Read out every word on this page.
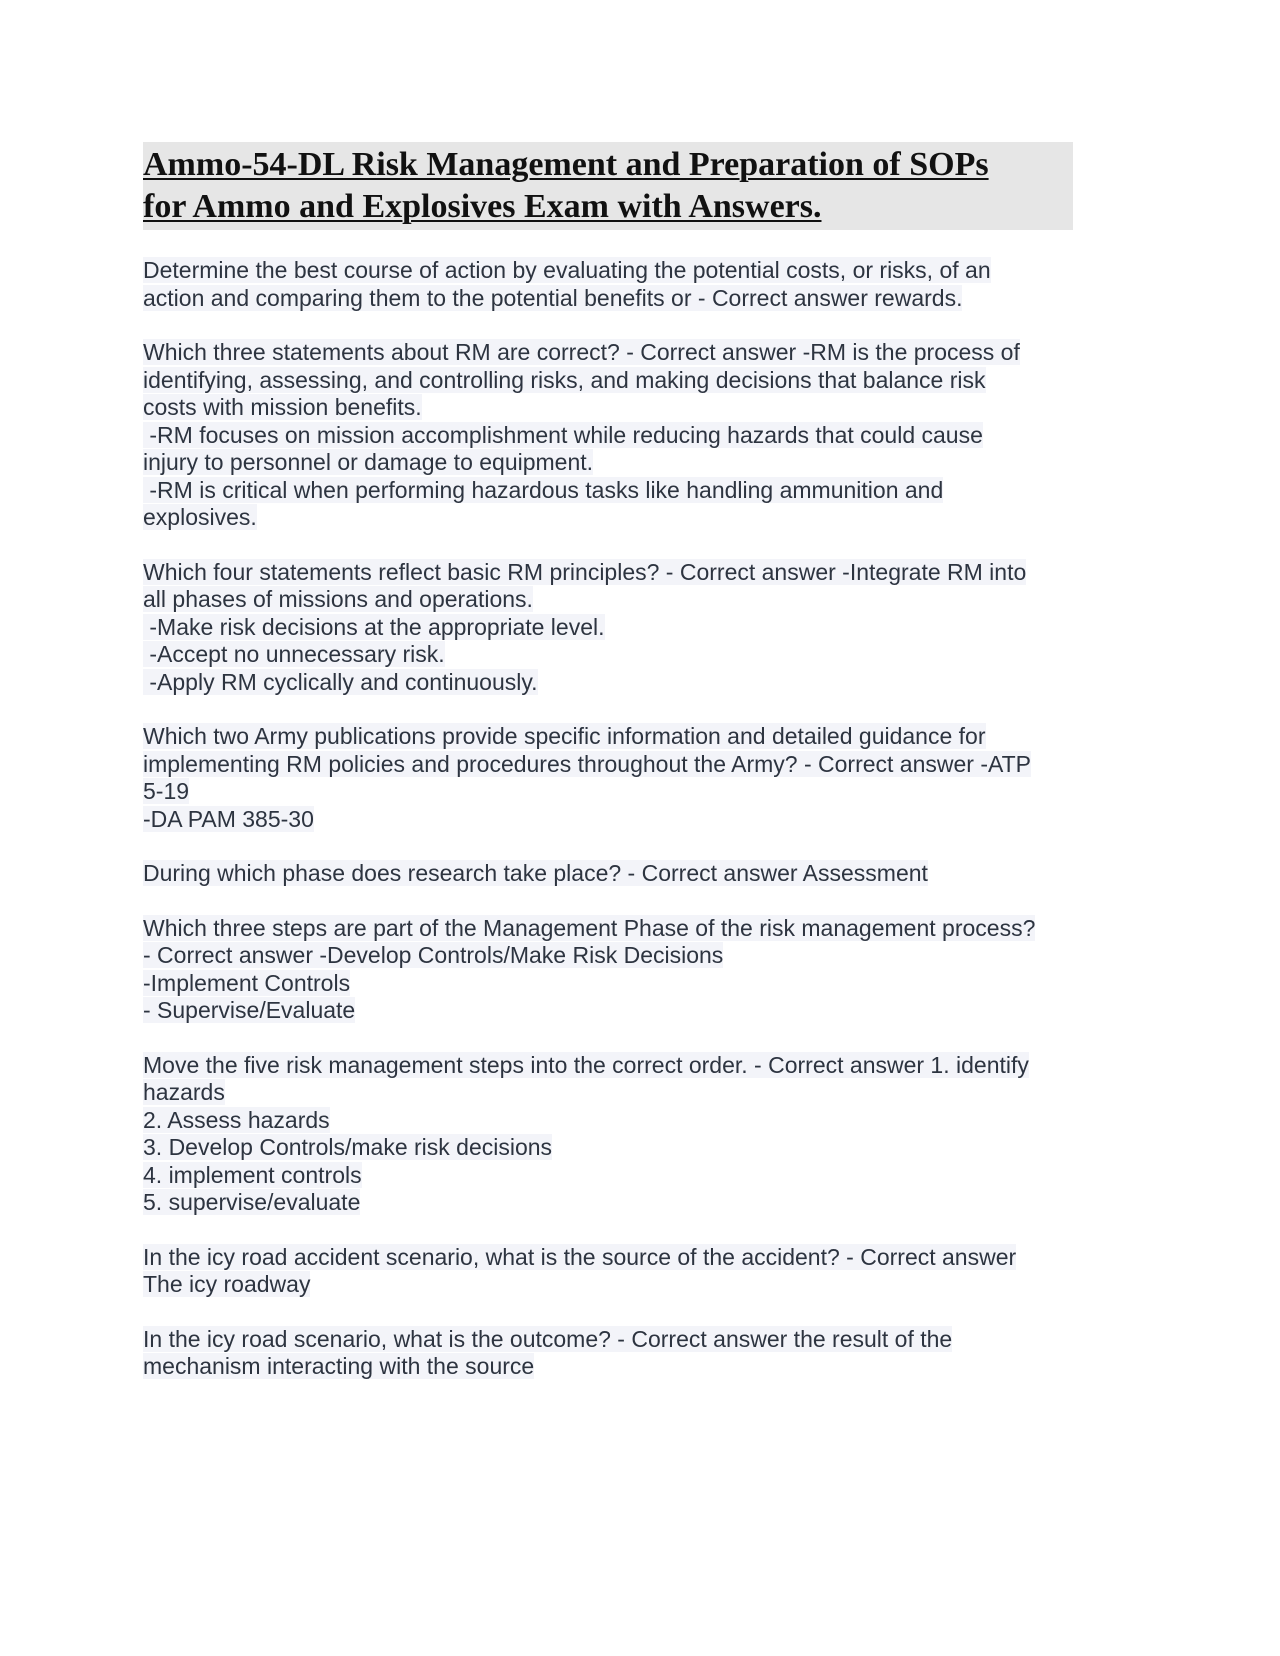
Ammo-54-DL Risk Management and Preparation of SOPs
for Ammo and Explosives Exam with Answers.
Determine the best course of action by evaluating the potential costs, or risks, of an
action and comparing them to the potential benefits or - Correct answer rewards.
Which three statements about RM are correct? - Correct answer -RM is the process of
identifying, assessing, and controlling risks, and making decisions that balance risk
costs with mission benefits.
-RM focuses on mission accomplishment while reducing hazards that could cause
injury to personnel or damage to equipment.
-RM is critical when performing hazardous tasks like handling ammunition and
explosives.
Which four statements reflect basic RM principles? - Correct answer -Integrate RM into
all phases of missions and operations.
-Make risk decisions at the appropriate level.
-Accept no unnecessary risk.
-Apply RM cyclically and continuously.
Which two Army publications provide specific information and detailed guidance for
implementing RM policies and procedures throughout the Army? - Correct answer -ATP
5-19
-DA PAM 385-30
During which phase does research take place? - Correct answer Assessment
Which three steps are part of the Management Phase of the risk management process?
- Correct answer -Develop Controls/Make Risk Decisions
-Implement Controls
- Supervise/Evaluate
Move the five risk management steps into the correct order. - Correct answer 1. identify
hazards
2. Assess hazards
3. Develop Controls/make risk decisions
4. implement controls
5. supervise/evaluate
In the icy road accident scenario, what is the source of the accident? - Correct answer
The icy roadway
In the icy road scenario, what is the outcome? - Correct answer the result of the
mechanism interacting with the source
